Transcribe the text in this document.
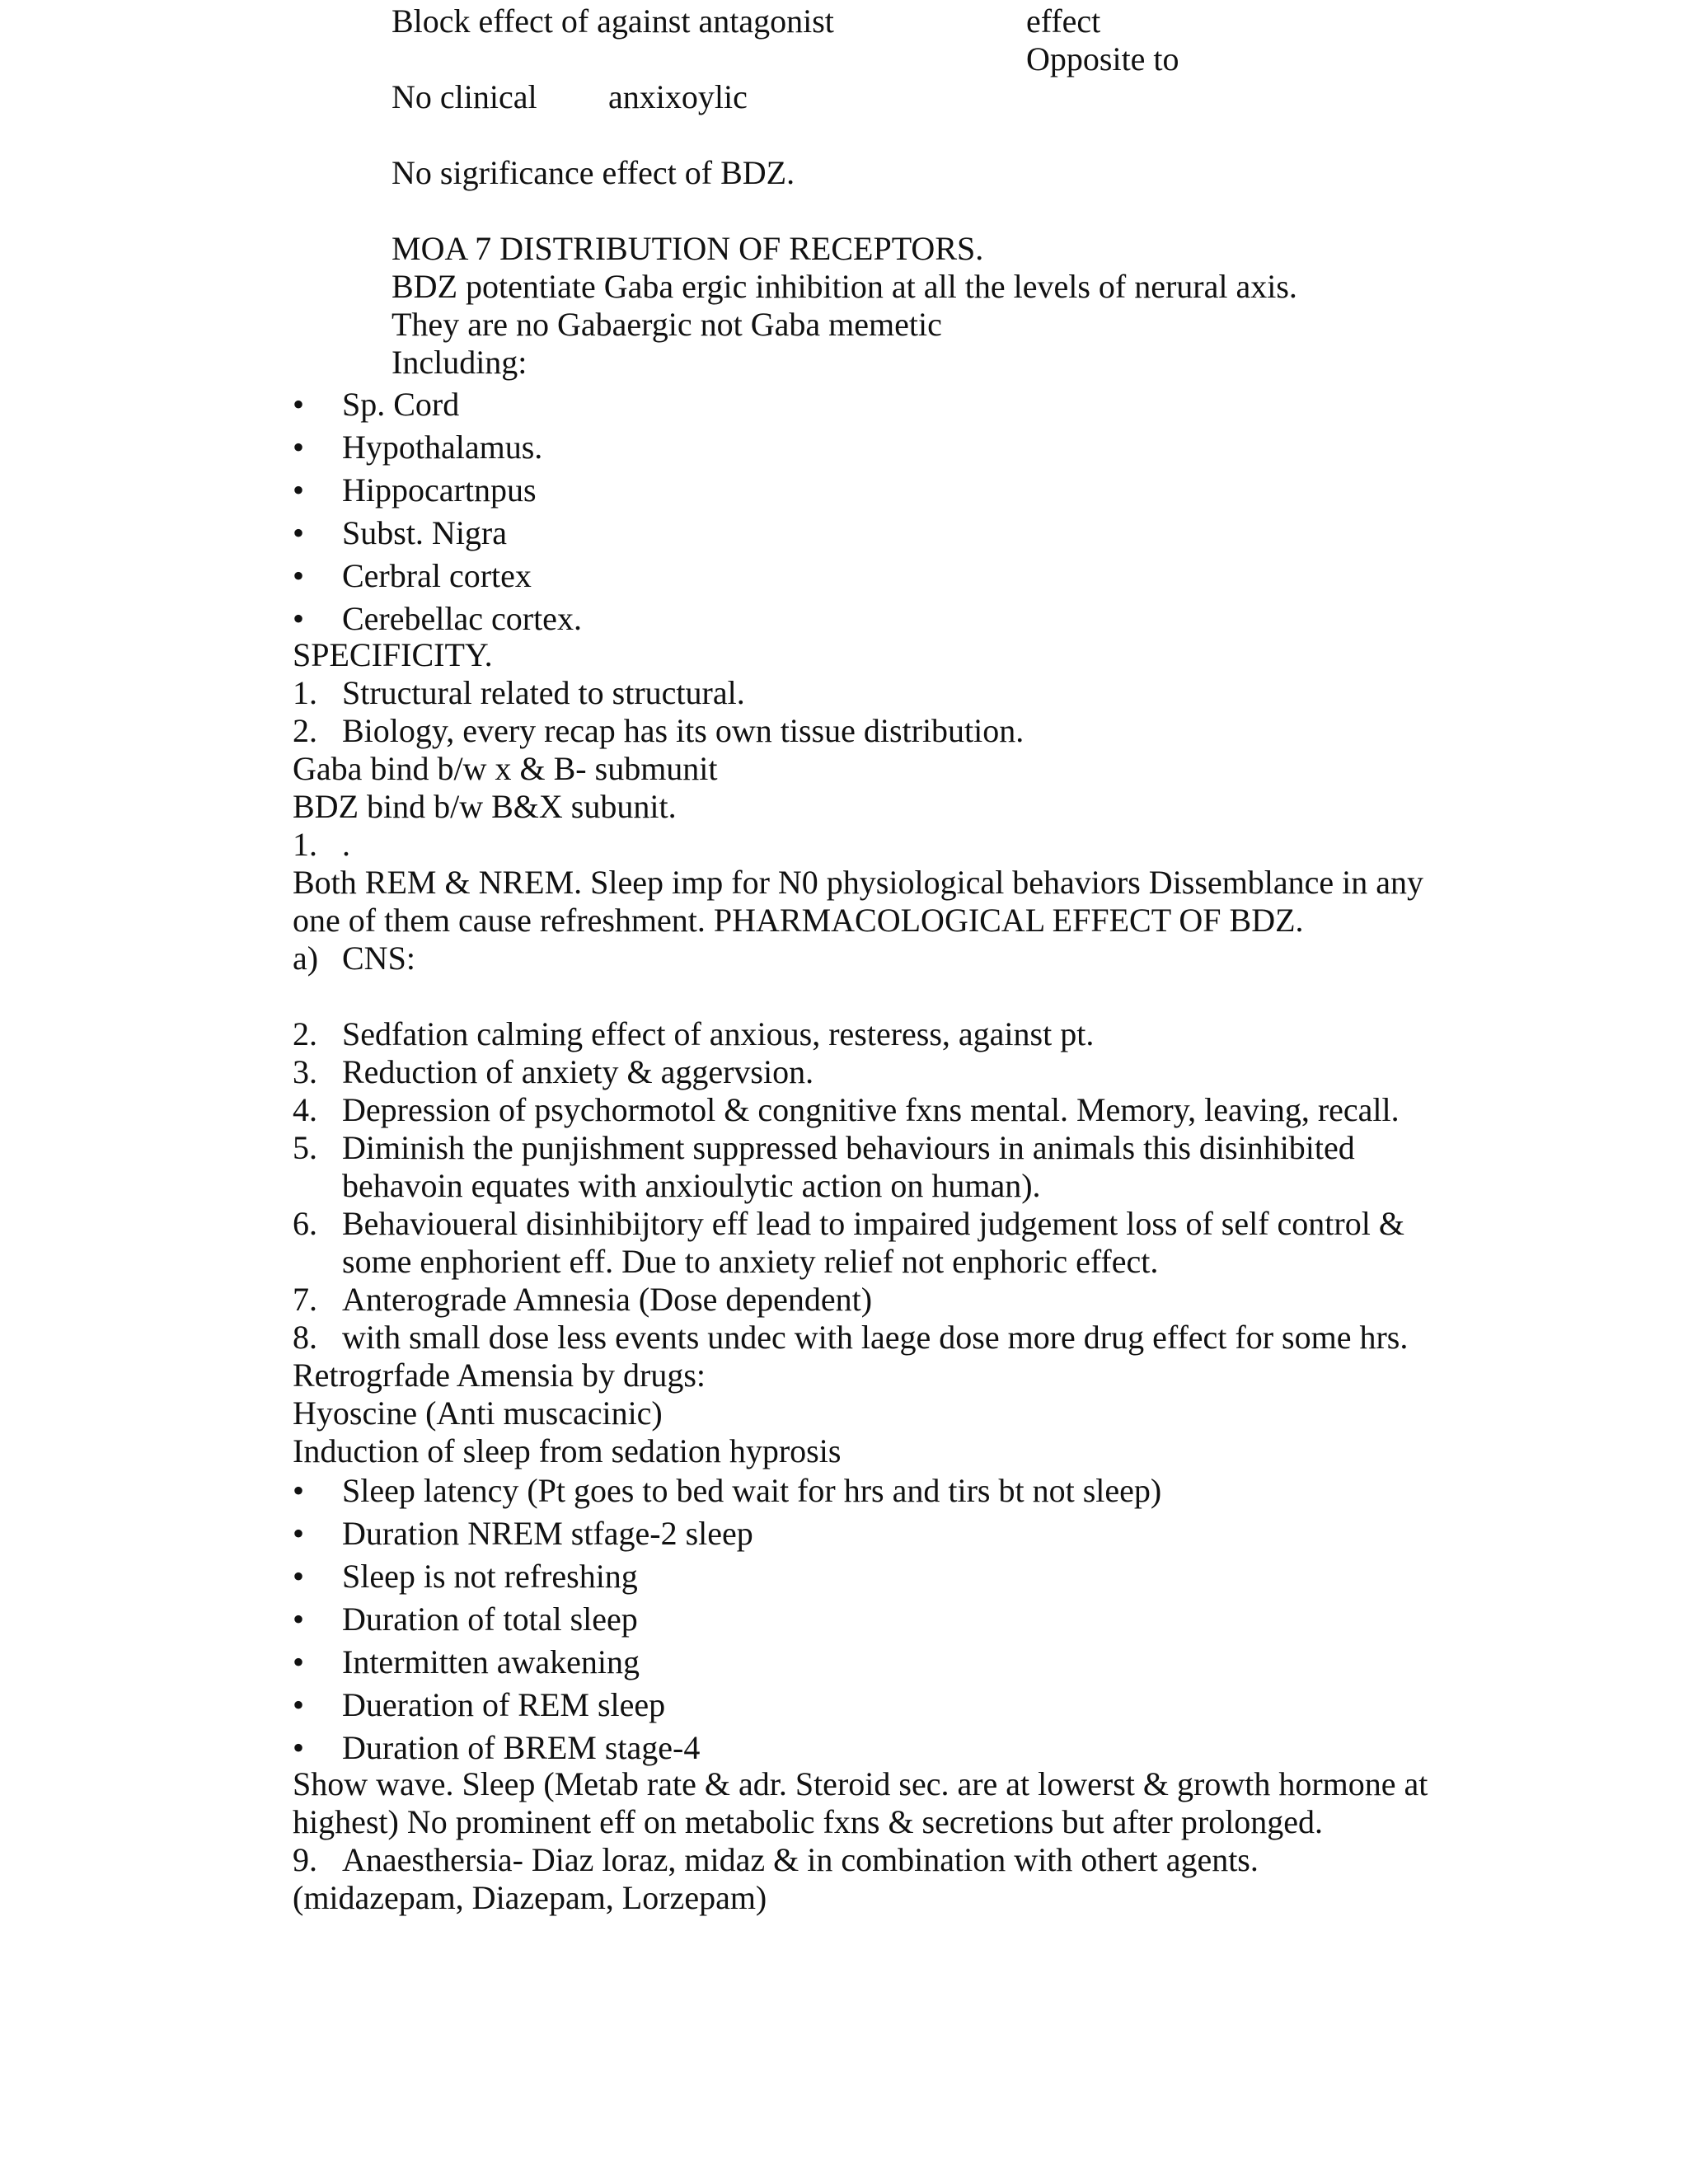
Block effect of against antagonist	effect
Opposite to
No clinical anxixoylic
No sigrificance effect of BDZ.
MOA 7 DISTRIBUTION OF RECEPTORS.
BDZ potentiate Gaba ergic inhibition at all the levels of nerural axis.
They are no Gabaergic not Gaba memetic
Including:
• Sp. Cord
• Hypothalamus.
• Hippocartnpus
• Subst. Nigra
• Cerbral cortex
• Cerebellac cortex.
SPECIFICITY.
1. Structural related to structural.
2. Biology, every recap has its own tissue distribution.
Gaba bind b/w x & B- submunit
BDZ bind b/w B&X subunit.
1. .
Both REM & NREM. Sleep imp for N0 physiological behaviors Dissemblance in any
one of them cause refreshment. PHARMACOLOGICAL EFFECT OF BDZ.
a) CNS:
2. Sedfation calming effect of anxious, resteress, against pt.
3. Reduction of anxiety & aggervsion.
4. Depression of psychormotol & congnitive fxns mental. Memory, leaving, recall.
5. Diminish the punjishment suppressed behaviours in animals this disinhibited
behavoin equates with anxioulytic action on human).
6. Behavioueral disinhibijtory eff lead to impaired judgement loss of self control &
some enphorient eff. Due to anxiety relief not enphoric effect.
7. Anterograde Amnesia (Dose dependent)
8. with small dose less events undec with laege dose more drug effect for some hrs.
Retrogrfade Amensia by drugs:
Hyoscine (Anti muscacinic)
Induction of sleep from sedation hyprosis
• Sleep latency (Pt goes to bed wait for hrs and tirs bt not sleep)
• Duration NREM stfage-2 sleep
• Sleep is not refreshing
• Duration of total sleep
• Intermitten awakening
• Dueration of REM sleep
• Duration of BREM stage-4
Show wave. Sleep (Metab rate & adr. Steroid sec. are at lowerst & growth hormone at
highest) No prominent eff on metabolic fxns & secretions but after prolonged.
9. Anaesthersia- Diaz loraz, midaz & in combination with othert agents.
(midazepam, Diazepam, Lorzepam)
